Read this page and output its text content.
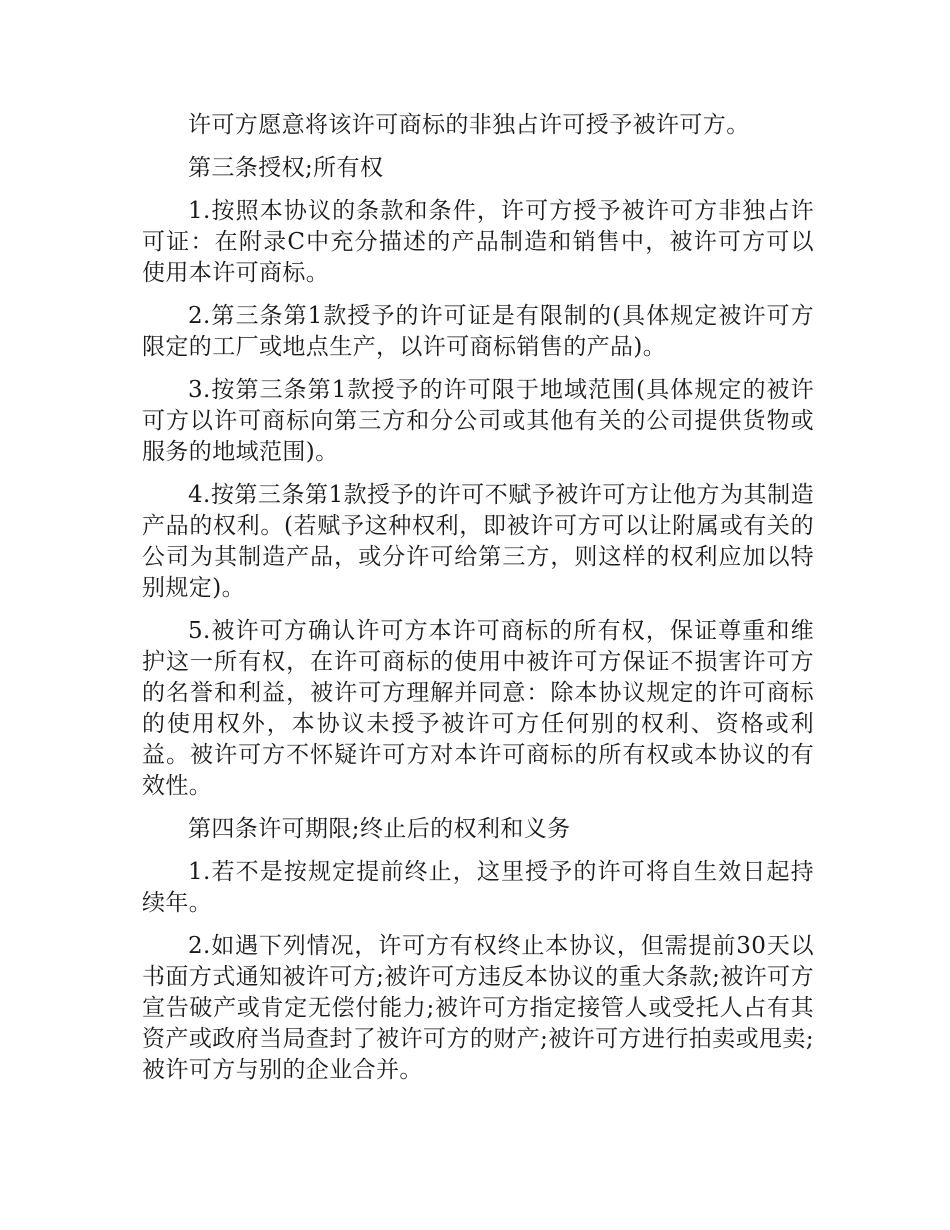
许可方愿意将该许可商标的非独占许可授予被许可方。

第三条授权;所有权

1.按照本协议的条款和条件，许可方授予被许可方非独占许可证：在附录C中充分描述的产品制造和销售中，被许可方可以使用本许可商标。

2.第三条第1款授予的许可证是有限制的(具体规定被许可方限定的工厂或地点生产，以许可商标销售的产品)。

3.按第三条第1款授予的许可限于地域范围(具体规定的被许可方以许可商标向第三方和分公司或其他有关的公司提供货物或服务的地域范围)。

4.按第三条第1款授予的许可不赋予被许可方让他方为其制造产品的权利。(若赋予这种权利，即被许可方可以让附属或有关的公司为其制造产品，或分许可给第三方，则这样的权利应加以特别规定)。

5.被许可方确认许可方本许可商标的所有权，保证尊重和维护这一所有权，在许可商标的使用中被许可方保证不损害许可方的名誉和利益，被许可方理解并同意：除本协议规定的许可商标的使用权外，本协议未授予被许可方任何别的权利、资格或利益。被许可方不怀疑许可方对本许可商标的所有权或本协议的有效性。

第四条许可期限;终止后的权利和义务

1.若不是按规定提前终止，这里授予的许可将自生效日起持续年。

2.如遇下列情况，许可方有权终止本协议，但需提前30天以书面方式通知被许可方;被许可方违反本协议的重大条款;被许可方宣告破产或肯定无偿付能力;被许可方指定接管人或受托人占有其资产或政府当局查封了被许可方的财产;被许可方进行拍卖或甩卖;被许可方与别的企业合并。
